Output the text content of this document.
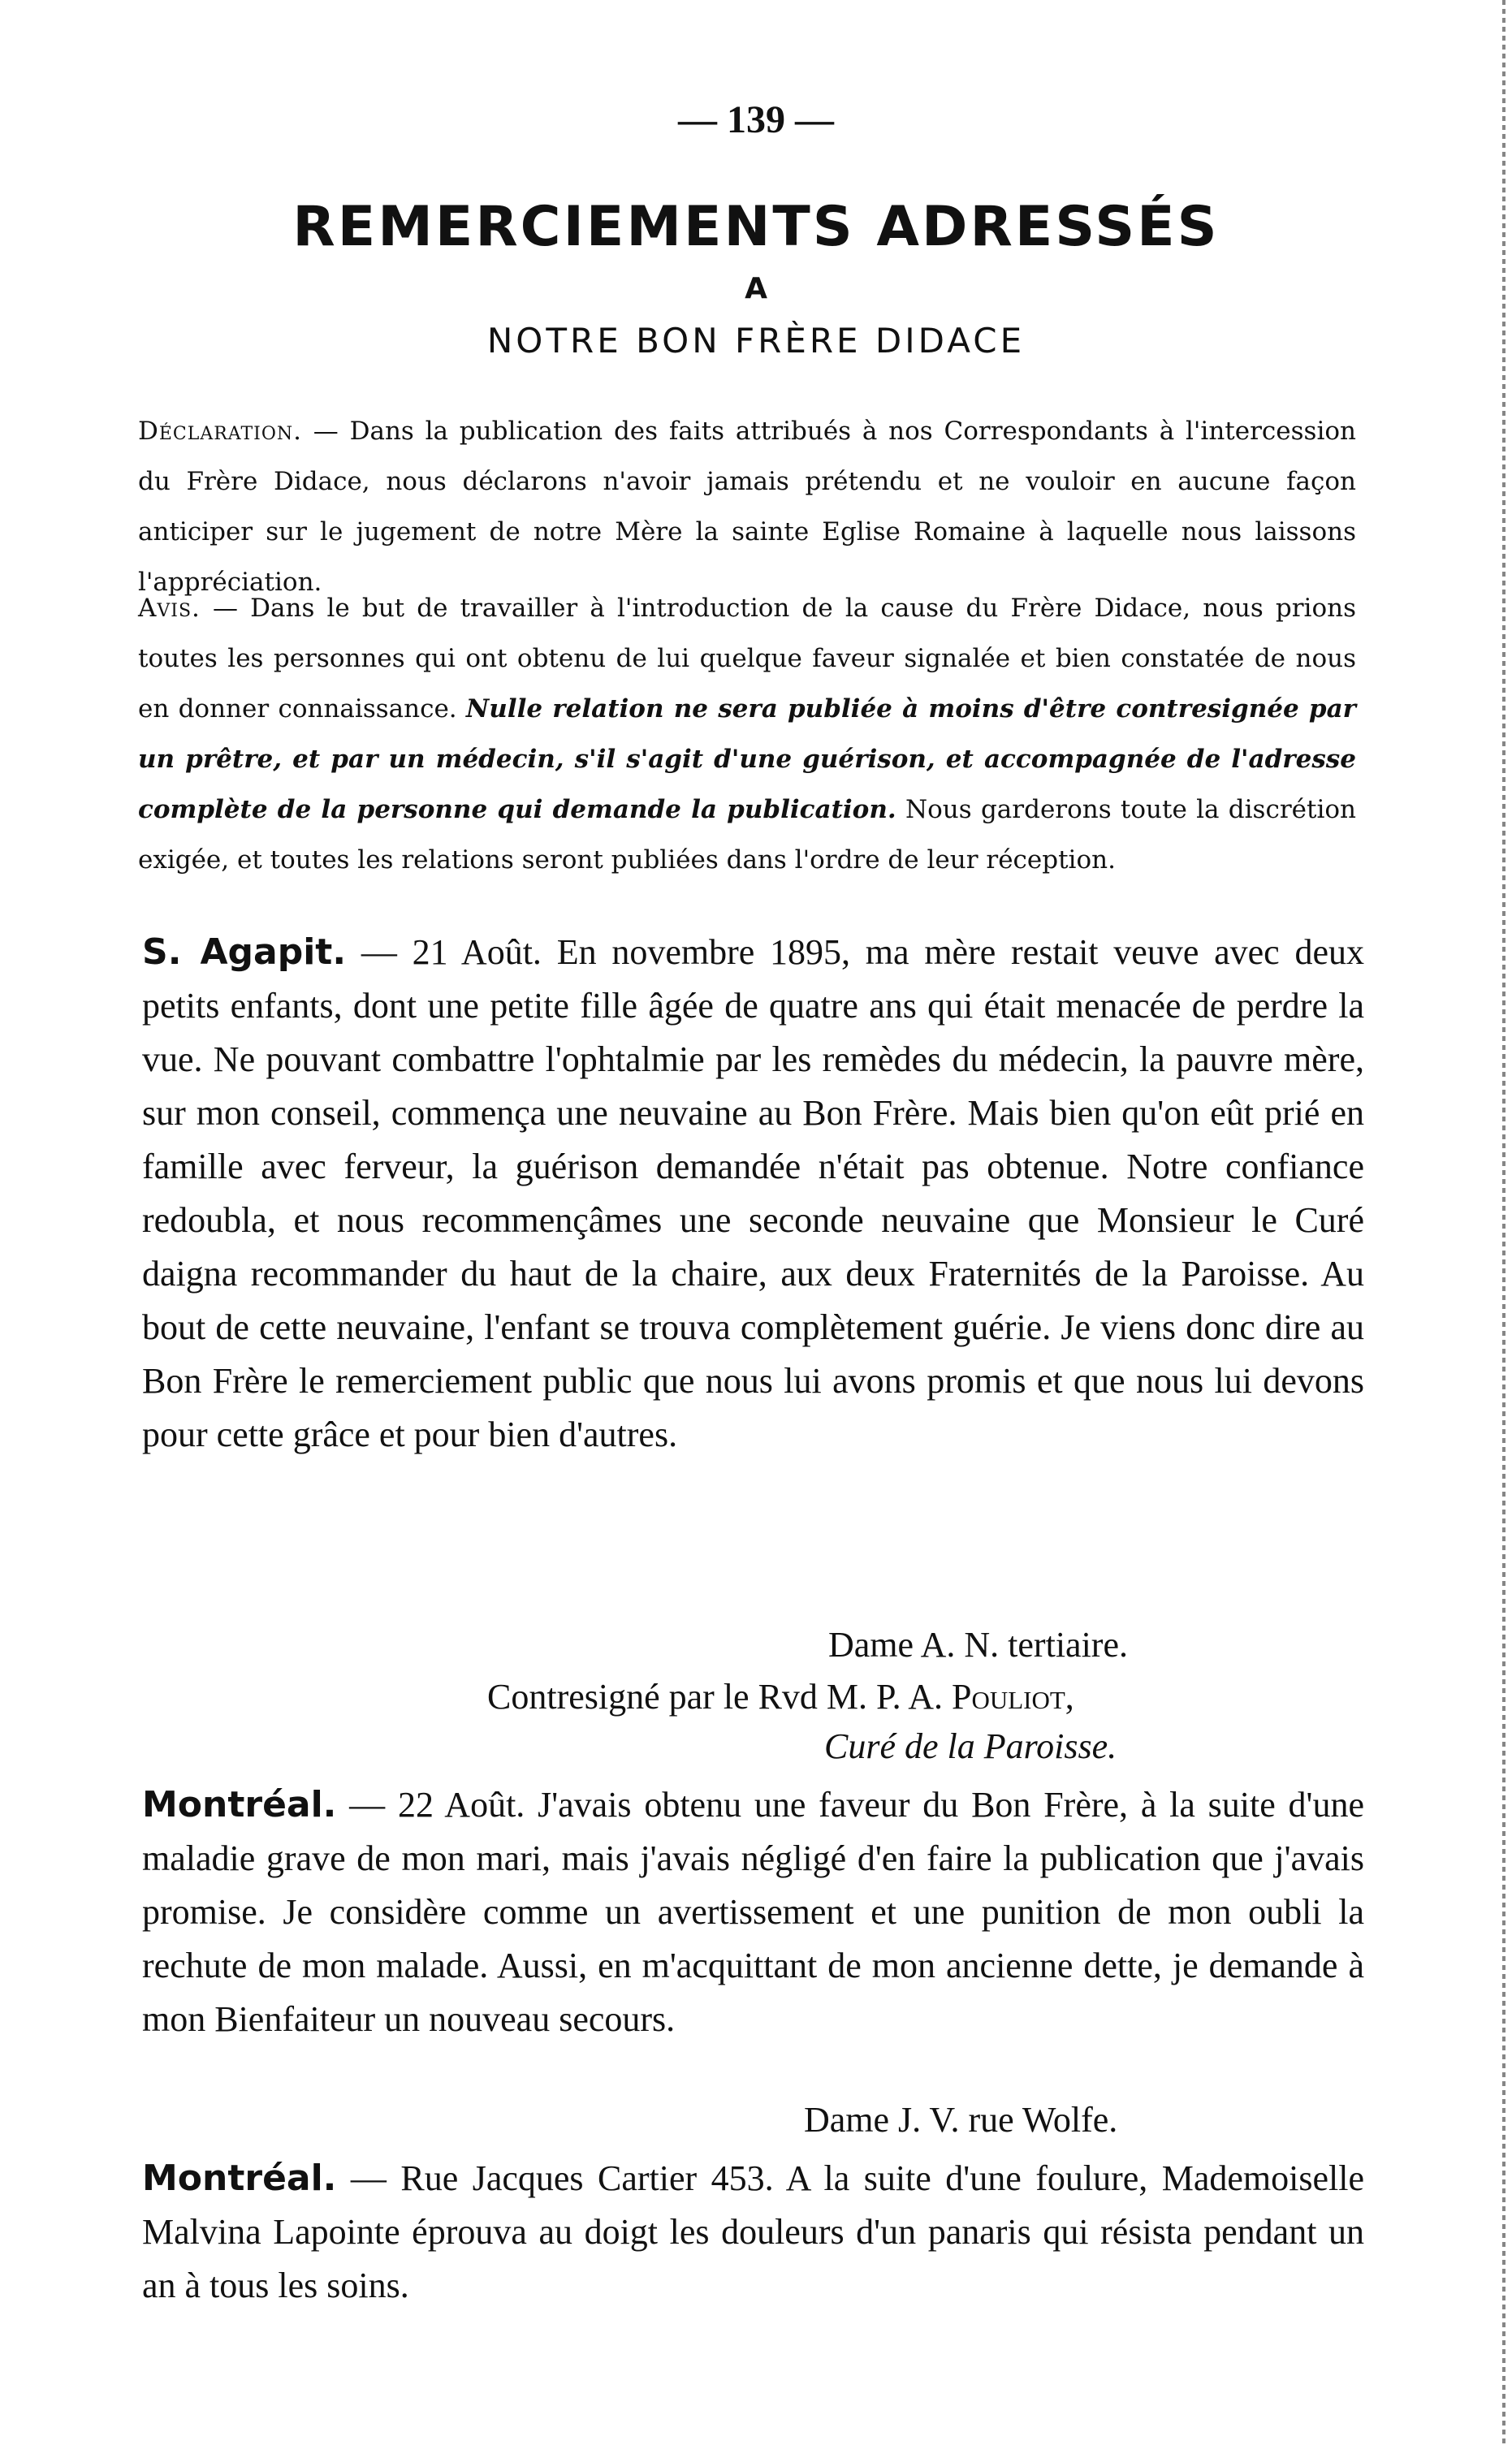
— 139 —
REMERCIEMENTS ADRESSÉS
A
NOTRE BON FRÈRE DIDACE
Déclaration. — Dans la publication des faits attribués à nos Correspondants à l'intercession du Frère Didace, nous déclarons n'avoir jamais prétendu et ne vouloir en aucune façon anticiper sur le jugement de notre Mère la sainte Eglise Romaine à laquelle nous laissons l'appréciation.
Avis. — Dans le but de travailler à l'introduction de la cause du Frère Didace, nous prions toutes les personnes qui ont obtenu de lui quelque faveur signalée et bien constatée de nous en donner connaissance. Nulle relation ne sera publiée à moins d'être contresignée par un prêtre, et par un médecin, s'il s'agit d'une guérison, et accompagnée de l'adresse complète de la personne qui demande la publication. Nous garderons toute la discrétion exigée, et toutes les relations seront publiées dans l'ordre de leur réception.
S. Agapit. — 21 Août. En novembre 1895, ma mère restait veuve avec deux petits enfants, dont une petite fille âgée de quatre ans qui était menacée de perdre la vue. Ne pouvant combattre l'ophtalmie par les remèdes du médecin, la pauvre mère, sur mon conseil, commença une neuvaine au Bon Frère. Mais bien qu'on eût prié en famille avec ferveur, la guérison demandée n'était pas obtenue. Notre confiance redoubla, et nous recommençâmes une seconde neuvaine que Monsieur le Curé daigna recommander du haut de la chaire, aux deux Fraternités de la Paroisse. Au bout de cette neuvaine, l'enfant se trouva complètement guérie. Je viens donc dire au Bon Frère le remerciement public que nous lui avons promis et que nous lui devons pour cette grâce et pour bien d'autres.
Dame A. N. tertiaire.
Contresigné par le Rvd M. P. A. Pouliot,
Curé de la Paroisse.
Montréal. — 22 Août. J'avais obtenu une faveur du Bon Frère, à la suite d'une maladie grave de mon mari, mais j'avais négligé d'en faire la publication que j'avais promise. Je considère comme un avertissement et une punition de mon oubli la rechute de mon malade. Aussi, en m'acquittant de mon ancienne dette, je demande à mon Bienfaiteur un nouveau secours.
Dame J. V. rue Wolfe.
Montréal. — Rue Jacques Cartier 453. A la suite d'une foulure, Mademoiselle Malvina Lapointe éprouva au doigt les douleurs d'un panaris qui résista pendant un an à tous les soins.
